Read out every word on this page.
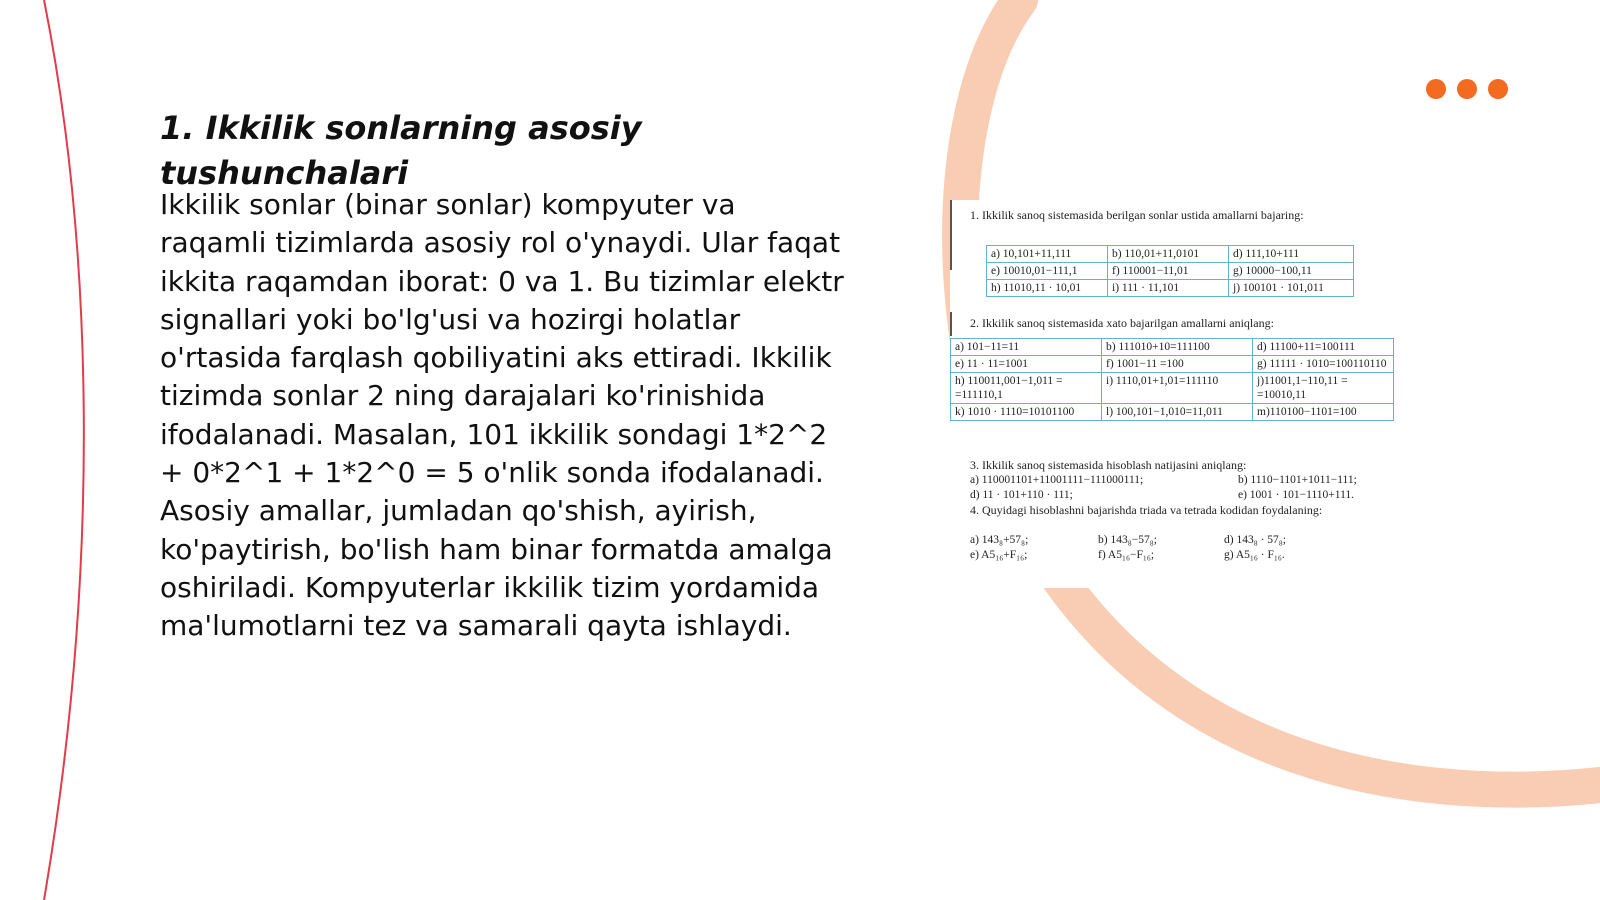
1. Ikkilik sonlarning asosiy tushunchalari

Ikkilik sonlar (binar sonlar) kompyuter va raqamli tizimlarda asosiy rol o'ynaydi. Ular faqat ikkita raqamdan iborat: 0 va 1. Bu tizimlar elektr signallari yoki bo'lg'usi va hozirgi holatlar o'rtasida farqlash qobiliyatini aks ettiradi. Ikkilik tizimda sonlar 2 ning darajalari ko'rinishida ifodalanadi. Masalan, 101 ikkilik sondagi 1*2^2 + 0*2^1 + 1*2^0 = 5 o'nlik sonda ifodalanadi. Asosiy amallar, jumladan qo'shish, ayirish, ko'paytirish, bo'lish ham binar formatda amalga oshiriladi. Kompyuterlar ikkilik tizim yordamida ma'lumotlarni tez va samarali qayta ishlaydi.

1. Ikkilik sanoq sistemasida berilgan sonlar ustida amallarni bajaring:
a) 10,101+11,111	b) 110,01+11,0101	d) 111,10+111
e) 10010,01−111,1	f) 110001−11,01	g) 10000−100,11
h) 11010,11 · 10,01	i) 111 · 11,101	j) 100101 · 101,011
2. Ikkilik sanoq sistemasida xato bajarilgan amallarni aniqlang:
a) 101−11=11	b) 111010+10=111100	d) 11100+11=100111
e) 11 · 11=1001	f) 1001−11 =100	g) 11111 · 1010=100110110
h) 110011,001−1,011 = =111110,1	i) 1110,01+1,01=111110	j)11001,1−110,11 = =10010,11
k) 1010 · 1110=10101100	l) 100,101−1,010=11,011	m)110100−1101=100
3. Ikkilik sanoq sistemasida hisoblash natijasini aniqlang:
a) 110001101+11001111−111000111;	b) 1110−1101+1011−111;
d) 11 · 101+110 · 111;	e) 1001 · 101−1110+111.
4. Quyidagi hisoblashni bajarishda triada va tetrada kodidan foydalaning:
a) 143₈+57₈;	b) 143₈−57₈;	d) 143₈ · 57₈;
e) A5₁₆+F₁₆;	f) A5₁₆−F₁₆;	g) A5₁₆ · F₁₆.
